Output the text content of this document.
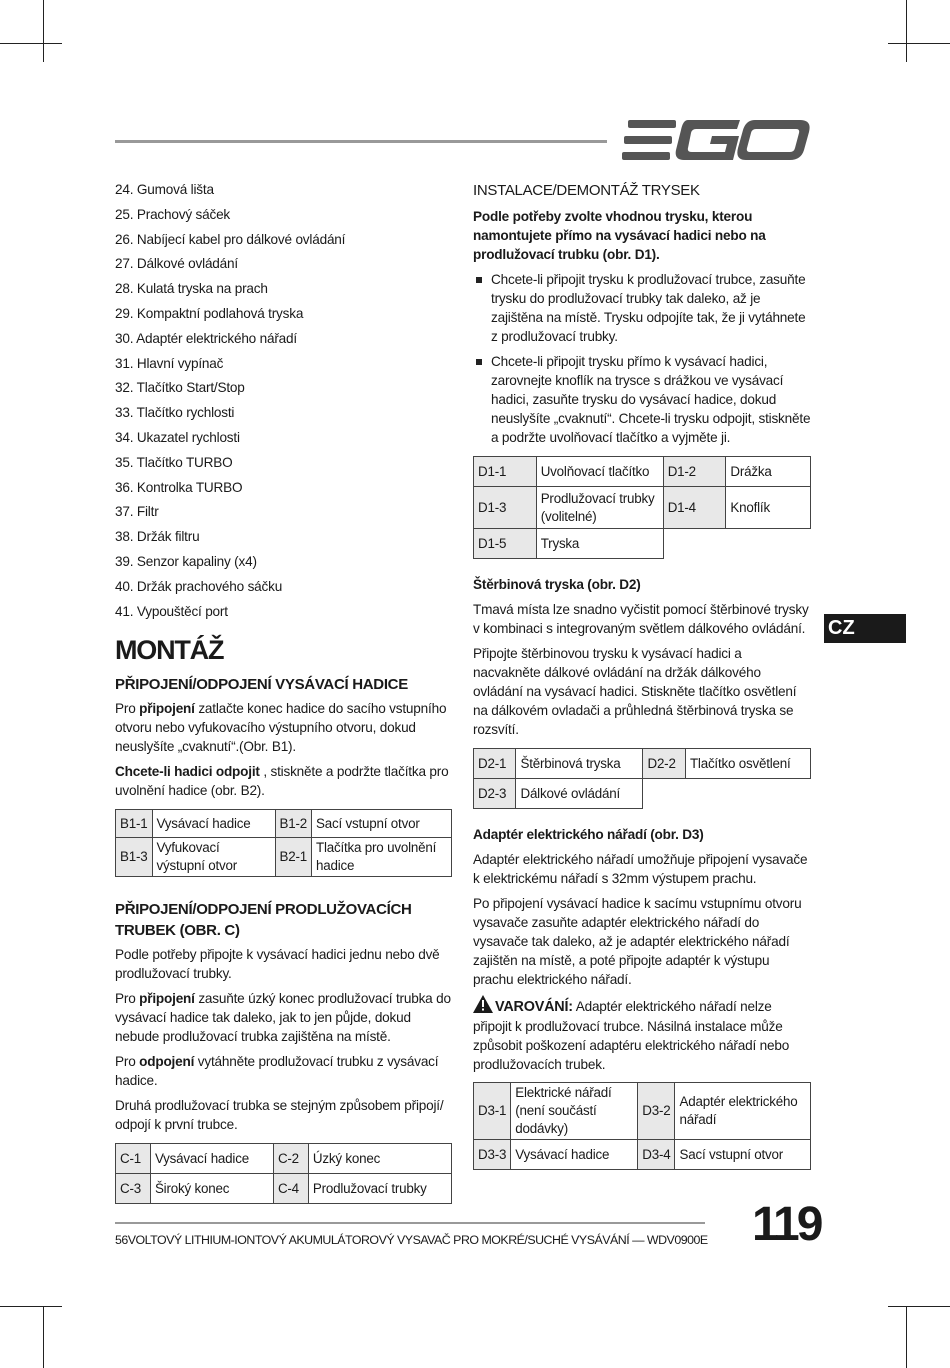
24. Gumová lišta
25. Prachový sáček
26. Nabíjecí kabel pro dálkové ovládání
27. Dálkové ovládání
28. Kulatá tryska na prach
29. Kompaktní podlahová tryska
30. Adaptér elektrického nářadí
31. Hlavní vypínač
32. Tlačítko Start/Stop
33. Tlačítko rychlosti
34. Ukazatel rychlosti
35. Tlačítko TURBO
36. Kontrolka TURBO
37. Filtr
38. Držák filtru
39. Senzor kapaliny (x4)
40. Držák prachového sáčku
41. Vypouštěcí port
MONTÁŽ
PŘIPOJENÍ/ODPOJENÍ VYSÁVACÍ HADICE

Pro připojení zatlačte konec hadice do sacího vstupního otvoru nebo vyfukovacího výstupního otvoru, dokud neuslyšíte „cvaknutí“.(Obr. B1).

Chcete-li hadici odpojit , stiskněte a podržte tlačítka pro uvolnění hadice (obr. B2).

B1-1	Vysávací hadice	B1-2	Sací vstupní otvor
B1-3	Vyfukovací výstupní otvor	B2-1	Tlačítka pro uvolnění hadice
PŘIPOJENÍ/ODPOJENÍ PRODLUŽOVACÍCH TRUBEK (OBR. C)

Podle potřeby připojte k vysávací hadici jednu nebo dvě prodlužovací trubky.

Pro připojení zasuňte úzký konec prodlužovací trubka do vysávací hadice tak daleko, jak to jen půjde, dokud nebude prodlužovací trubka zajištěna na místě.

Pro odpojení vytáhněte prodlužovací trubku z vysávací hadice.

Druhá prodlužovací trubka se stejným způsobem připojí/ odpojí k první trubce.

C-1	Vysávací hadice	C-2	Úzký konec
C-3	Široký konec	C-4	Prodlužovací trubky
INSTALACE/DEMONTÁŽ TRYSEK

Podle potřeby zvolte vhodnou trysku, kterou namontujete přímo na vysávací hadici nebo na prodlužovací trubku (obr. D1).

Chcete-li připojit trysku k prodlužovací trubce, zasuňte trysku do prodlužovací trubky tak daleko, až je zajištěna na místě. Trysku odpojíte tak, že ji vytáhnete z prodlužovací trubky.

Chcete-li připojit trysku přímo k vysávací hadici, zarovnejte knoflík na trysce s drážkou ve vysávací hadici, zasuňte trysku do vysávací hadice, dokud neuslyšíte „cvaknutí“. Chcete-li trysku odpojit, stiskněte a podržte uvolňovací tlačítko a vyjměte ji.

D1-1	Uvolňovací tlačítko	D1-2	Drážka
D1-3	Prodlužovací trubky (volitelné)	D1-4	Knoflík
D1-5	Tryska		
Štěrbinová tryska (obr. D2)

Tmavá místa lze snadno vyčistit pomocí štěrbinové trysky v kombinaci s integrovaným světlem dálkového ovládání.

Připojte štěrbinovou trysku k vysávací hadici a nacvakněte dálkové ovládání na držák dálkového ovládání na vysávací hadici. Stiskněte tlačítko osvětlení na dálkovém ovladači a průhledná štěrbinová tryska se rozsvítí.

D2-1	Štěrbinová tryska	D2-2	Tlačítko osvětlení
D2-3	Dálkové ovládání		
Adaptér elektrického nářadí (obr. D3)

Adaptér elektrického nářadí umožňuje připojení vysavače k elektrickému nářadí s 32mm výstupem prachu.

Po připojení vysávací hadice k sacímu vstupnímu otvoru vysavače zasuňte adaptér elektrického nářadí do vysavače tak daleko, až je adaptér elektrického nářadí zajištěn na místě, a poté připojte adaptér k výstupu prachu elektrického nářadí.

VAROVÁNÍ: Adaptér elektrického nářadí nelze připojit k prodlužovací trubce. Násilná instalace může způsobit poškození adaptéru elektrického nářadí nebo prodlužovacích trubek.

D3-1	Elektrické nářadí (není součástí dodávky)	D3-2	Adaptér elektrického nářadí
D3-3	Vysávací hadice	D3-4	Sací vstupní otvor
CZ
56VOLTOVÝ LITHIUM-IONTOVÝ AKUMULÁTOROVÝ VYSAVAČ PRO MOKRÉ/SUCHÉ VYSÁVÁNÍ — WDV0900E 119
